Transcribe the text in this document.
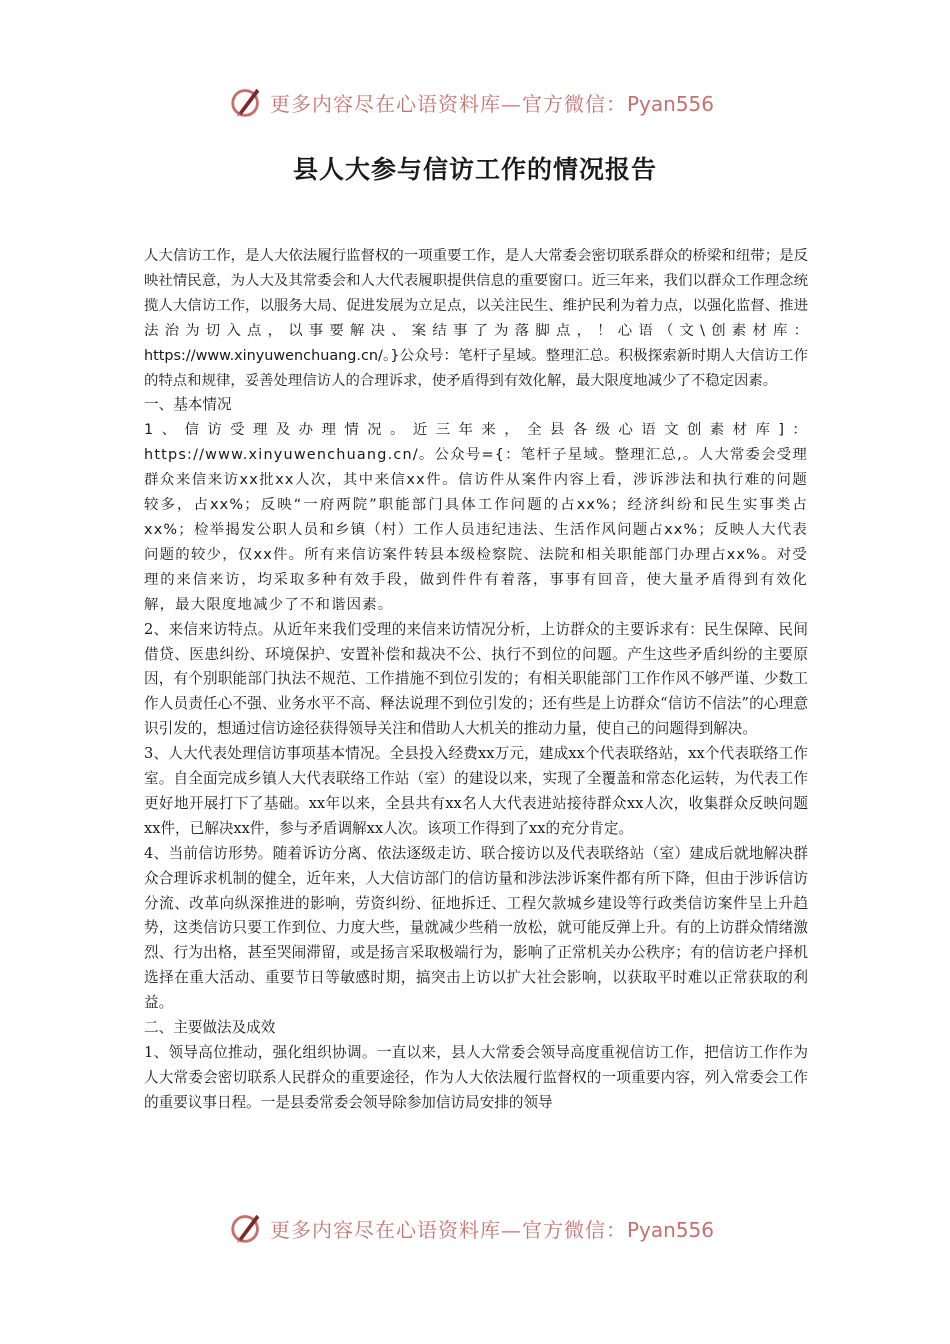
更多内容尽在心语资料库—官方微信：Pyan556
县人大参与信访工作的情况报告

人大信访工作，是人大依法履行监督权的一项重要工作，是人大常委会密切联系群众的桥梁和纽带；是反映社情民意，为人大及其常委会和人大代表履职提供信息的重要窗口。近三年来，我们以群众工作理念统揽人大信访工作，以服务大局、促进发展为立足点，以关注民生、维护民利为着力点，以强化监督、推进法治为切入点，以事要解决、案结事了为落脚点，！心语（文\创素材库：https://www.xinyuwenchuang.cn/。}公众号：笔杆子星域。整理汇总。积极探索新时期人大信访工作的特点和规律，妥善处理信访人的合理诉求，使矛盾得到有效化解，最大限度地减少了不稳定因素。

一、基本情况

1、信访受理及办理情况。近三年来，全县各级心语文创素材库]：https://www.xinyuwenchuang.cn/。公众号={：笔杆子星域。整理汇总,。人大常委会受理群众来信来访xx批xx人次，其中来信xx件。信访件从案件内容上看，涉诉涉法和执行难的问题较多，占xx%；反映“一府两院”职能部门具体工作问题的占xx%；经济纠纷和民生实事类占xx%；检举揭发公职人员和乡镇（村）工作人员违纪违法、生活作风问题占xx%；反映人大代表问题的较少，仅xx件。所有来信访案件转县本级检察院、法院和相关职能部门办理占xx%。对受理的来信来访，均采取多种有效手段，做到件件有着落，事事有回音，使大量矛盾得到有效化解，最大限度地减少了不和谐因素。

2、来信来访特点。从近年来我们受理的来信来访情况分析，上访群众的主要诉求有：民生保障、民间借贷、医患纠纷、环境保护、安置补偿和裁决不公、执行不到位的问题。产生这些矛盾纠纷的主要原因，有个别职能部门执法不规范、工作措施不到位引发的；有相关职能部门工作作风不够严谨、少数工作人员责任心不强、业务水平不高、释法说理不到位引发的；还有些是上访群众“信访不信法”的心理意识引发的，想通过信访途径获得领导关注和借助人大机关的推动力量，使自己的问题得到解决。

3、人大代表处理信访事项基本情况。全县投入经费xx万元，建成xx个代表联络站，xx个代表联络工作室。自全面完成乡镇人大代表联络工作站（室）的建设以来，实现了全覆盖和常态化运转，为代表工作更好地开展打下了基础。xx年以来，全县共有xx名人大代表进站接待群众xx人次，收集群众反映问题xx件，已解决xx件，参与矛盾调解xx人次。该项工作得到了xx的充分肯定。

4、当前信访形势。随着诉访分离、依法逐级走访、联合接访以及代表联络站（室）建成后就地解决群众合理诉求机制的健全，近年来，人大信访部门的信访量和涉法涉诉案件都有所下降，但由于涉诉信访分流、改革向纵深推进的影响，劳资纠纷、征地拆迁、工程欠款城乡建设等行政类信访案件呈上升趋势，这类信访只要工作到位、力度大些，量就减少些稍一放松，就可能反弹上升。有的上访群众情绪激烈、行为出格，甚至哭闹滞留，或是扬言采取极端行为，影响了正常机关办公秩序；有的信访老户择机选择在重大活动、重要节日等敏感时期，搞突击上访以扩大社会影响，以获取平时难以正常获取的利益。

二、主要做法及成效

1、领导高位推动，强化组织协调。一直以来，县人大常委会领导高度重视信访工作，把信访工作作为人大常委会密切联系人民群众的重要途径，作为人大依法履行监督权的一项重要内容，列入常委会工作的重要议事日程。一是县委常委会领导除参加信访局安排的领导

更多内容尽在心语资料库—官方微信：Pyan556
